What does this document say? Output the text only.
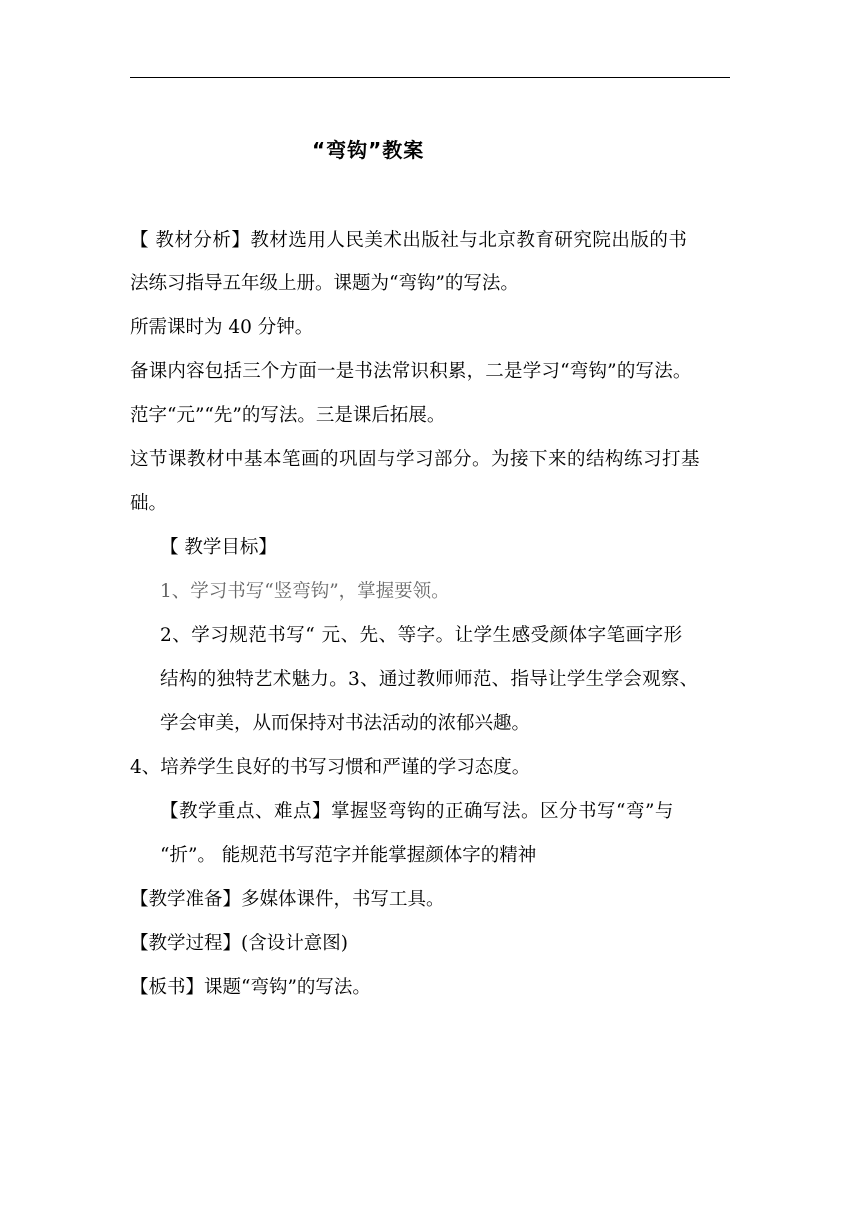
“弯钩”教案
【 教材分析】教材选用人民美术出版社与北京教育研究院出版的书
法练习指导五年级上册。课题为“弯钩”的写法。
所需课时为 40 分钟。
备课内容包括三个方面一是书法常识积累，二是学习“弯钩”的写法。
范字“元”“先”的写法。三是课后拓展。
这节课教材中基本笔画的巩固与学习部分。为接下来的结构练习打基
础。
【 教学目标】
1、学习书写“竖弯钩”，掌握要领。
2、学习规范书写“ 元、先、等字。让学生感受颜体字笔画字形
结构的独特艺术魅力。3、通过教师师范、指导让学生学会观察、
学会审美，从而保持对书法活动的浓郁兴趣。
4、培养学生良好的书写习惯和严谨的学习态度。
【教学重点、难点】掌握竖弯钩的正确写法。区分书写“弯”与
“折”。 能规范书写范字并能掌握颜体字的精神
【教学准备】多媒体课件，书写工具。
【教学过程】(含设计意图)
【板书】课题“弯钩”的写法。
